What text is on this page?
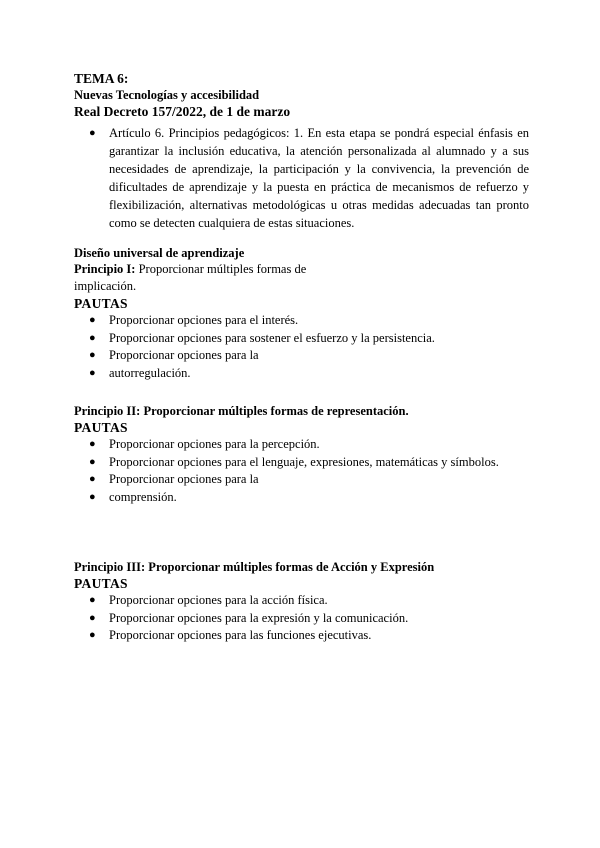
TEMA 6:

Nuevas Tecnologías y accesibilidad

Real Decreto 157/2022, de 1 de marzo

● Artículo 6. Principios pedagógicos: 1. En esta etapa se pondrá especial énfasis en garantizar la inclusión educativa, la atención personalizada al alumnado y a sus necesidades de aprendizaje, la participación y la convivencia, la prevención de dificultades de aprendizaje y la puesta en práctica de mecanismos de refuerzo y flexibilización, alternativas metodológicas u otras medidas adecuadas tan pronto como se detecten cualquiera de estas situaciones.

Diseño universal de aprendizaje

Principio I: Proporcionar múltiples formas de

implicación.

PAUTAS

● Proporcionar opciones para el interés.
● Proporcionar opciones para sostener el esfuerzo y la persistencia.
● Proporcionar opciones para la
● autorregulación.

Principio II: Proporcionar múltiples formas de representación.

PAUTAS

● Proporcionar opciones para la percepción.
● Proporcionar opciones para el lenguaje, expresiones, matemáticas y símbolos.
● Proporcionar opciones para la
● comprensión.

Principio III: Proporcionar múltiples formas de Acción y Expresión

PAUTAS

● Proporcionar opciones para la acción física.
● Proporcionar opciones para la expresión y la comunicación.
● Proporcionar opciones para las funciones ejecutivas.
